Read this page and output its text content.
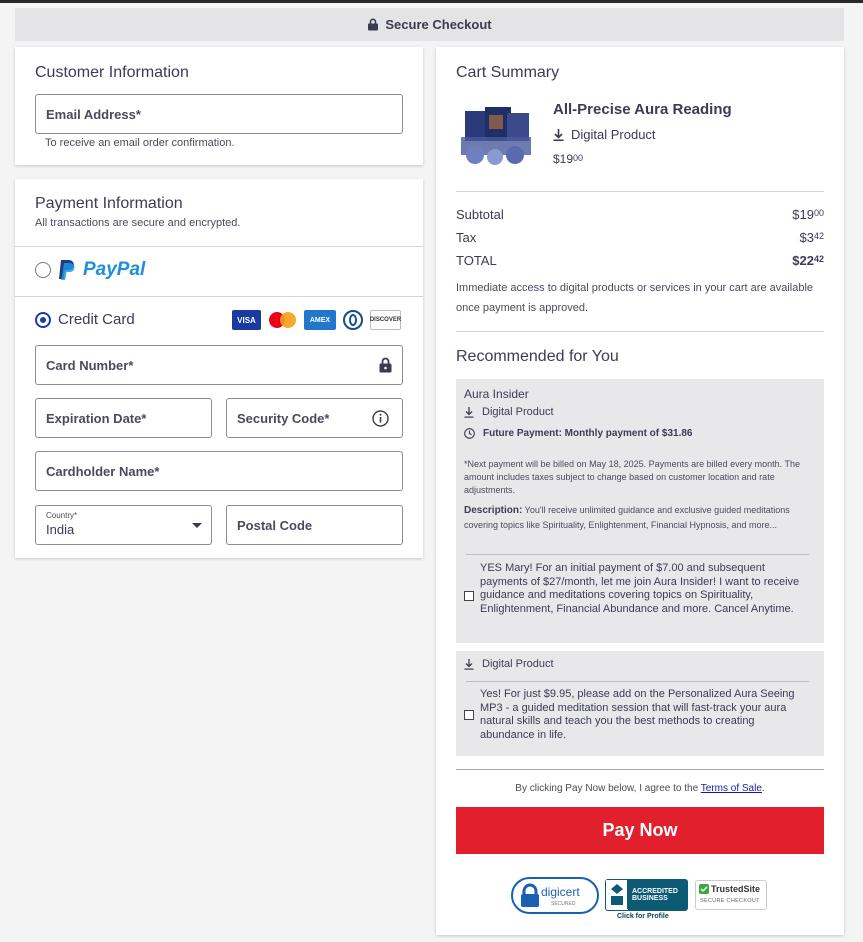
Secure Checkout
Customer Information
Email Address*
To receive an email order confirmation.
Payment Information
All transactions are secure and encrypted.
PayPal
Credit Card	VISA	AMEX	DISCOVER
Card Number*
Expiration Date*	Security Code*
Cardholder Name*
Country*
India	Postal Code
Cart Summary
All-Precise Aura Reading
Digital Product
$\$19^{00}$
Subtotal	$\$19^{00}$
Tax	$\$3^{42}$
TOTAL	$\$22^{42}$
Immediate access to digital products or services in your cart are available once payment is approved.
Recommended for You
Aura Insider
Digital Product
Future Payment: Monthly payment of $31.86
*Next payment will be billed on May 18, 2025. Payments are billed every month. The amount includes taxes subject to change based on customer location and rate adjustments.
Description: You'll receive unlimited guidance and exclusive guided meditations covering topics like Spirituality, Enlightenment, Financial Hypnosis, and more...
YES Mary! For an initial payment of $7.00 and subsequent payments of $27/month, let me join Aura Insider! I want to receive guidance and meditations covering topics on Spirituality, Enlightenment, Financial Abundance and more. Cancel Anytime.
Digital Product
Yes! For just $9.95, please add on the Personalized Aura Seeing MP3 - a guided meditation session that will fast-track your aura natural skills and teach you the best methods to creating abundance in life.
By clicking Pay Now below, I agree to the Terms of Sale.
Pay Now
digicert
SECURED
ACCREDITED
BUSINESS
Click for Profile
TrustedSite
SECURE CHECKOUT
